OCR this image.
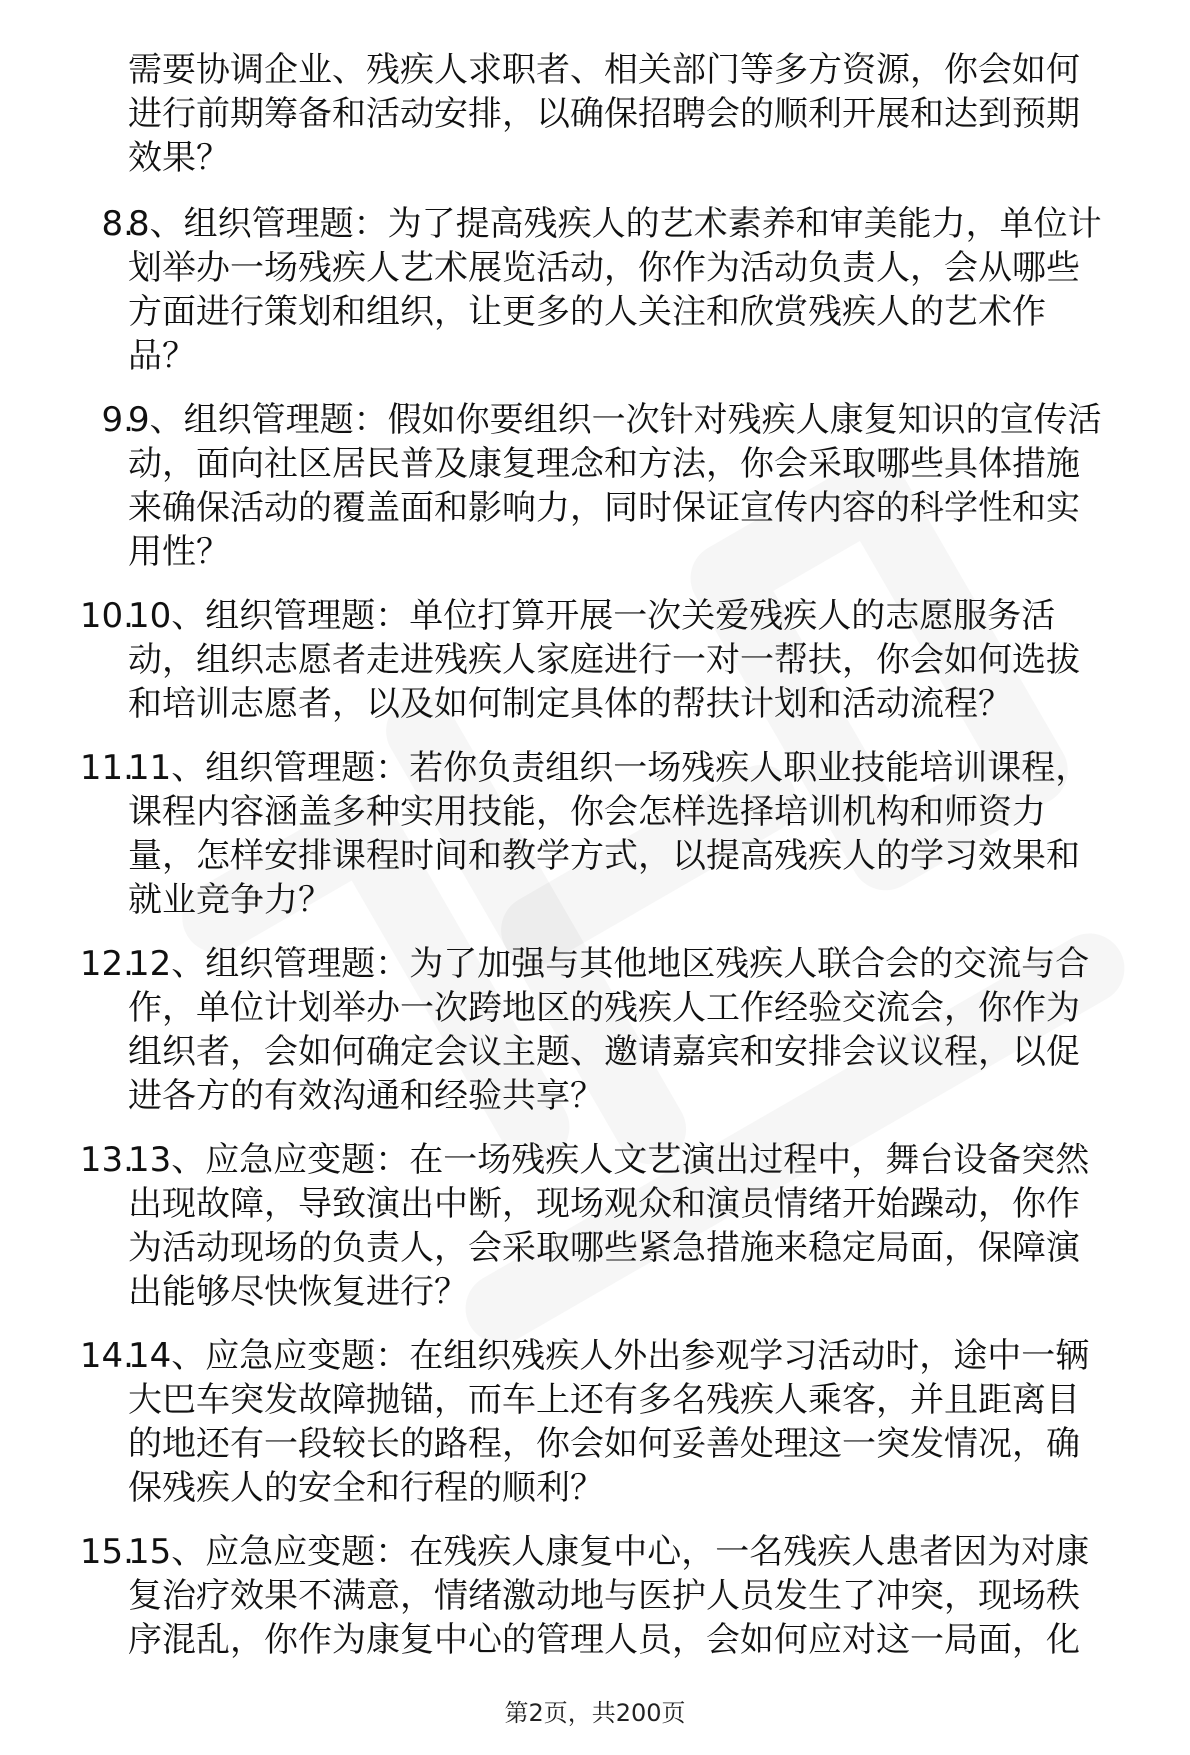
需要协调企业、残疾人求职者、相关部门等多方资源，你会如何
进行前期筹备和活动安排，以确保招聘会的顺利开展和达到预期
效果？

8.
8、组织管理题：为了提高残疾人的艺术素养和审美能力，单位计
划举办一场残疾人艺术展览活动，你作为活动负责人，会从哪些
方面进行策划和组织，让更多的人关注和欣赏残疾人的艺术作
品？
9.
9、组织管理题：假如你要组织一次针对残疾人康复知识的宣传活
动，面向社区居民普及康复理念和方法，你会采取哪些具体措施
来确保活动的覆盖面和影响力，同时保证宣传内容的科学性和实
用性？
10.
10、组织管理题：单位打算开展一次关爱残疾人的志愿服务活
动，组织志愿者走进残疾人家庭进行一对一帮扶，你会如何选拔
和培训志愿者，以及如何制定具体的帮扶计划和活动流程？
11.
11、组织管理题：若你负责组织一场残疾人职业技能培训课程，
课程内容涵盖多种实用技能，你会怎样选择培训机构和师资力
量，怎样安排课程时间和教学方式，以提高残疾人的学习效果和
就业竞争力？
12.
12、组织管理题：为了加强与其他地区残疾人联合会的交流与合
作，单位计划举办一次跨地区的残疾人工作经验交流会，你作为
组织者，会如何确定会议主题、邀请嘉宾和安排会议议程，以促
进各方的有效沟通和经验共享？
13.
13、应急应变题：在一场残疾人文艺演出过程中，舞台设备突然
出现故障，导致演出中断，现场观众和演员情绪开始躁动，你作
为活动现场的负责人，会采取哪些紧急措施来稳定局面，保障演
出能够尽快恢复进行？
14.
14、应急应变题：在组织残疾人外出参观学习活动时，途中一辆
大巴车突发故障抛锚，而车上还有多名残疾人乘客，并且距离目
的地还有一段较长的路程，你会如何妥善处理这一突发情况，确
保残疾人的安全和行程的顺利？
15.
15、应急应变题：在残疾人康复中心，一名残疾人患者因为对康
复治疗效果不满意，情绪激动地与医护人员发生了冲突，现场秩
序混乱，你作为康复中心的管理人员，会如何应对这一局面，化
第2页，共200页
